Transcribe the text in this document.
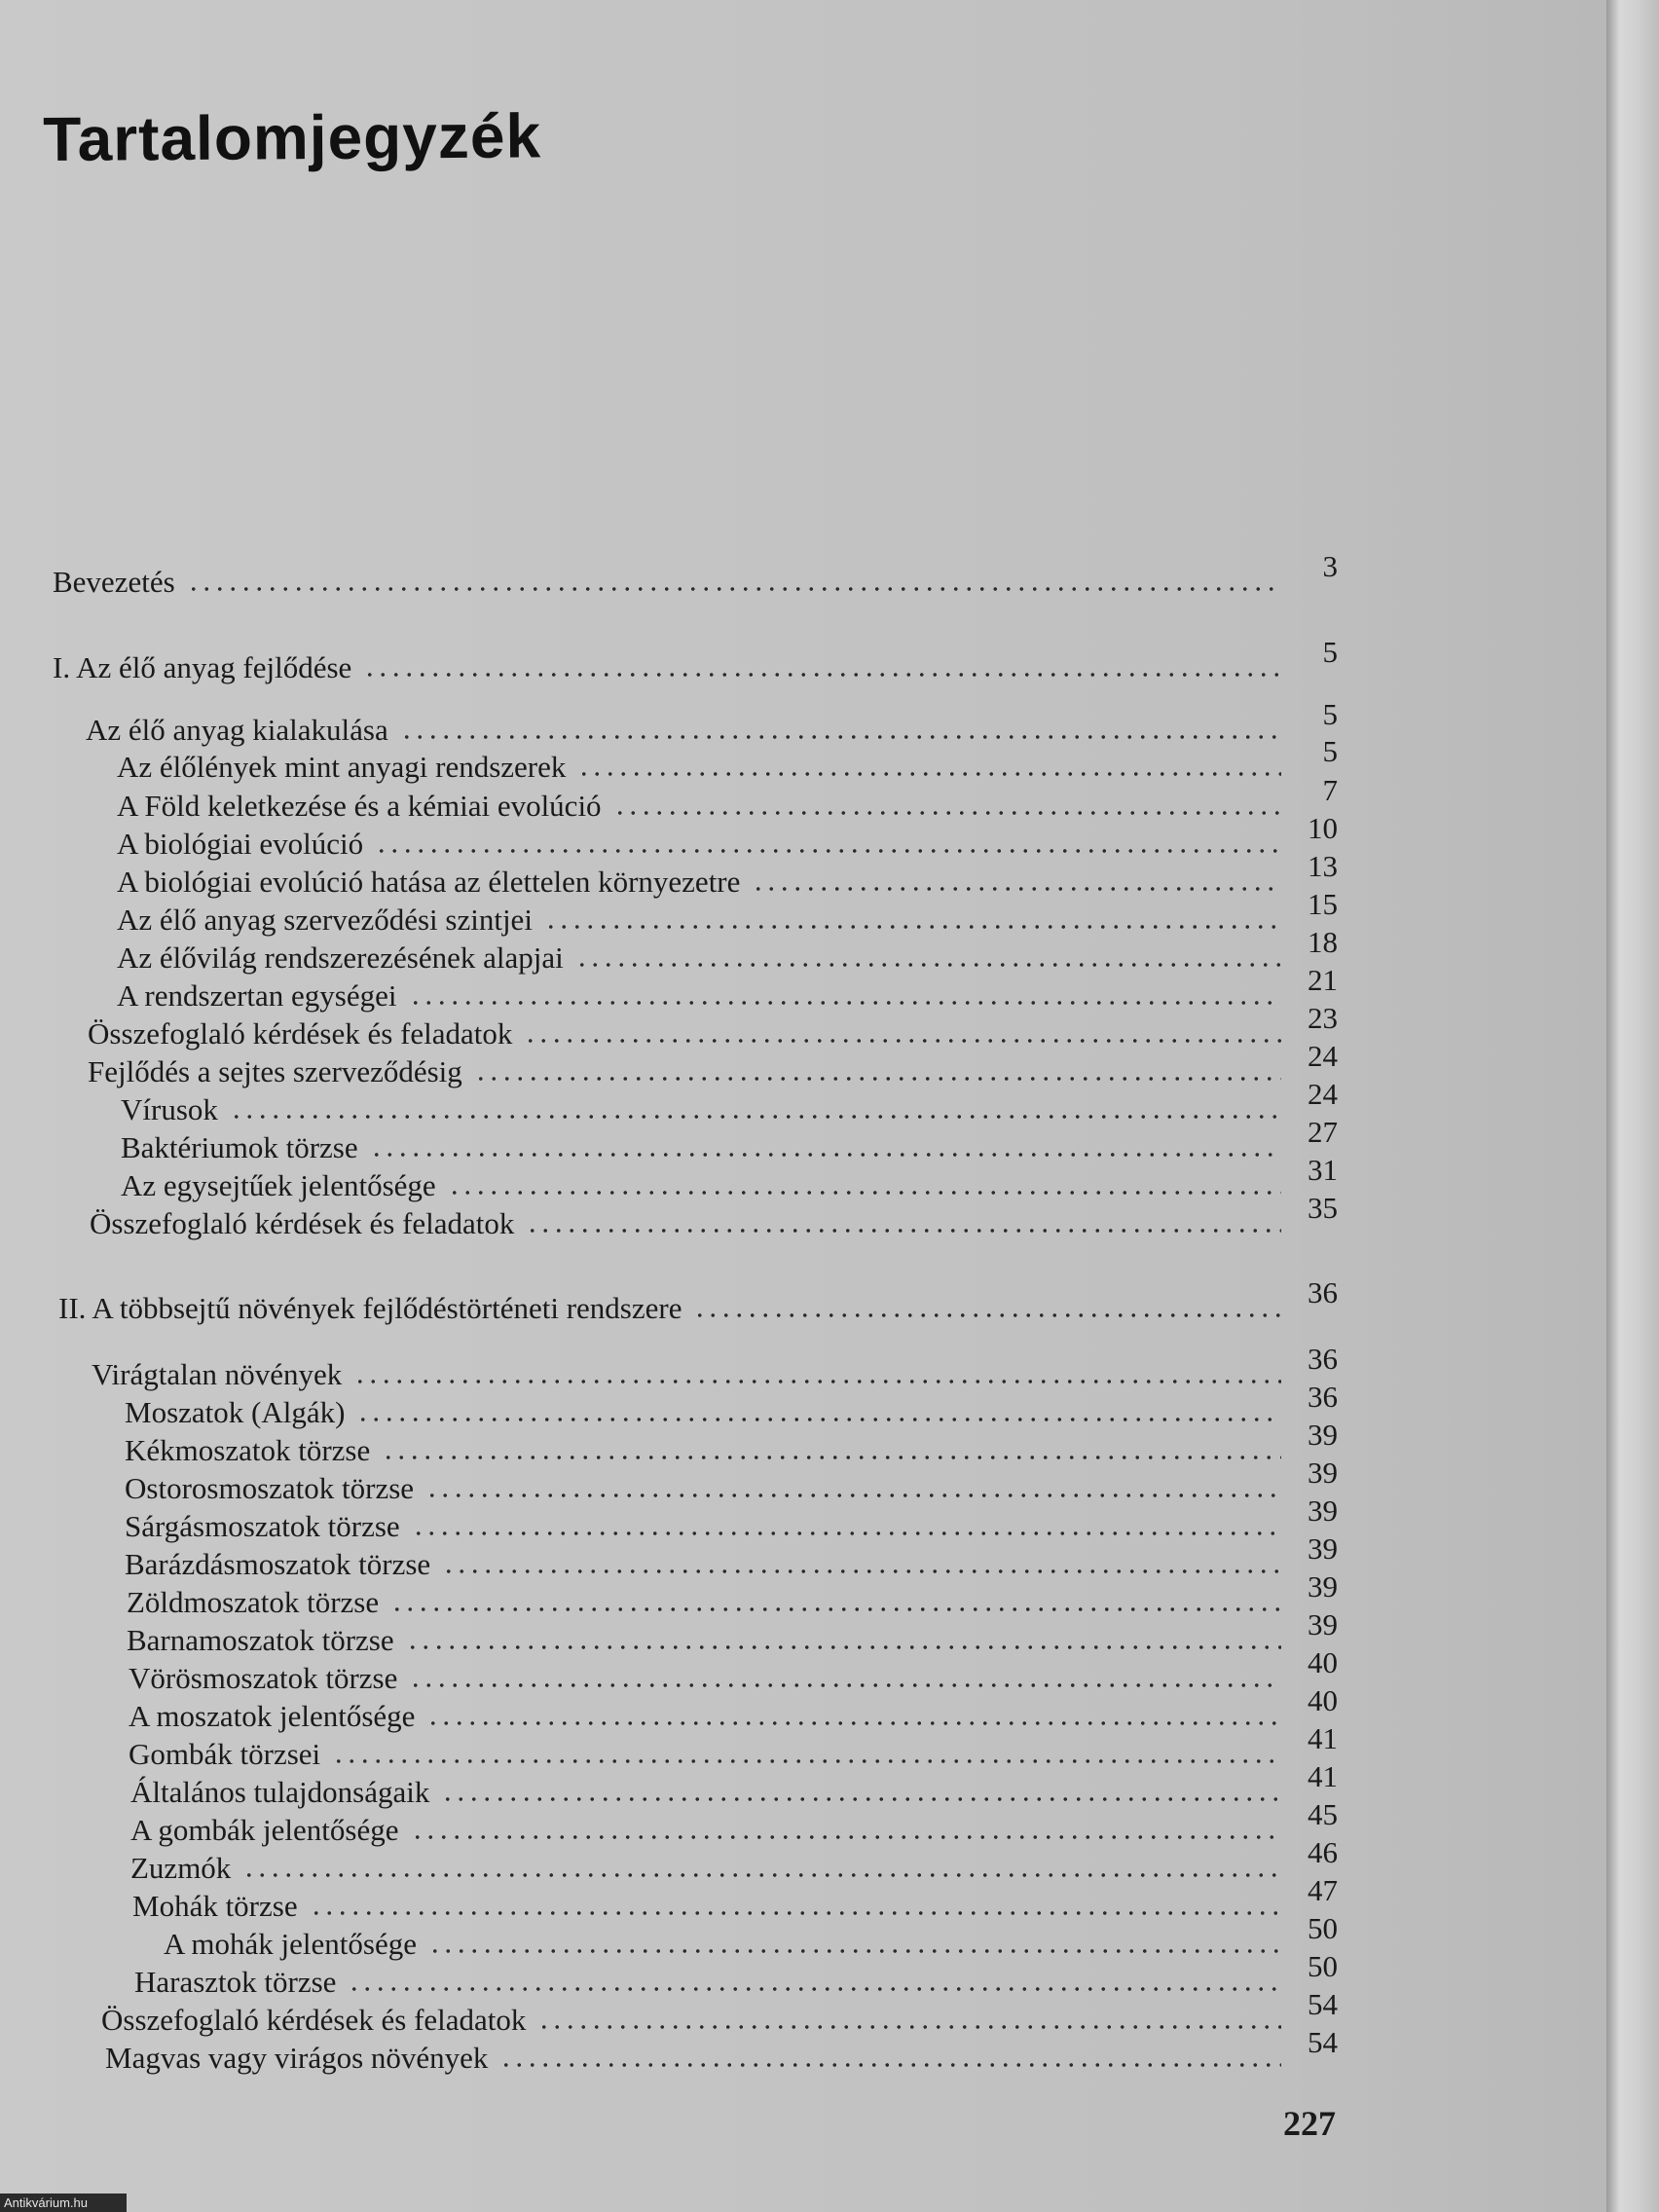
Tartalomjegyzék
Bevezetés	3
I. Az élő anyag fejlődése	5
Az élő anyag kialakulása	5
Az élőlények mint anyagi rendszerek	5
A Föld keletkezése és a kémiai evolúció	7
A biológiai evolúció	10
A biológiai evolúció hatása az élettelen környezetre	13
Az élő anyag szerveződési szintjei	15
Az élővilág rendszerezésének alapjai	18
A rendszertan egységei	21
Összefoglaló kérdések és feladatok	23
Fejlődés a sejtes szerveződésig	24
Vírusok	24
Baktériumok törzse	27
Az egysejtűek jelentősége	31
Összefoglaló kérdések és feladatok	35
II. A többsejtű növények fejlődéstörténeti rendszere	36
Virágtalan növények	36
Moszatok (Algák)	36
Kékmoszatok törzse	39
Ostorosmoszatok törzse	39
Sárgásmoszatok törzse	39
Barázdásmoszatok törzse	39
Zöldmoszatok törzse	39
Barnamoszatok törzse	39
Vörösmoszatok törzse	40
A moszatok jelentősége	40
Gombák törzsei	41
Általános tulajdonságaik	41
A gombák jelentősége	45
Zuzmók	46
Mohák törzse	47
A mohák jelentősége	50
Harasztok törzse	50
Összefoglaló kérdések és feladatok	54
Magvas vagy virágos növények	54
227
Antikvárium.hu
